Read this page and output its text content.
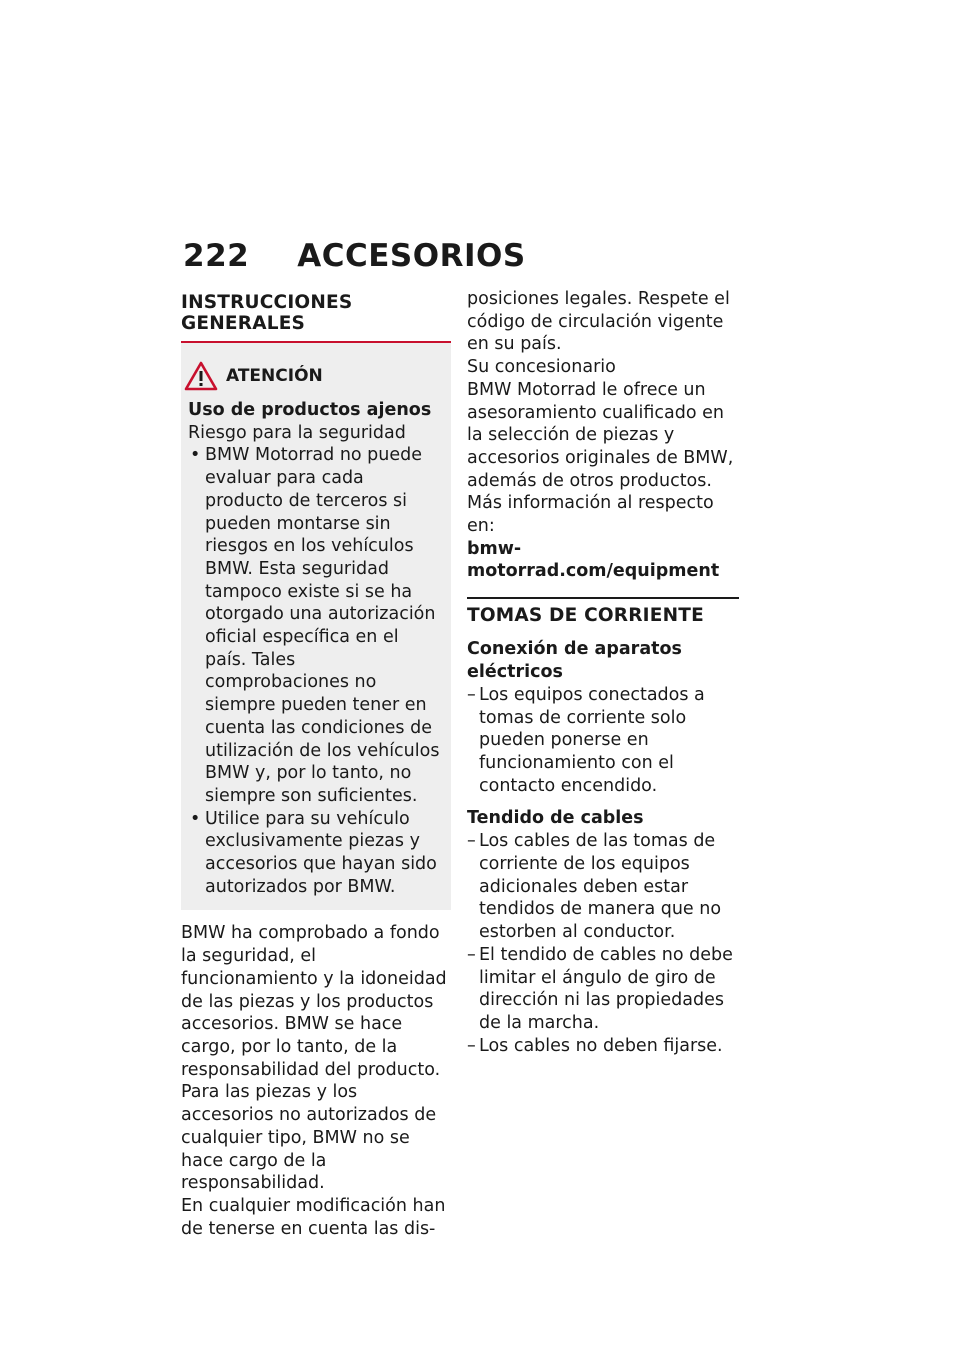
222 ACCESORIOS
INSTRUCCIONES GENERALES
ATENCIÓN
Uso de productos ajenos
Riesgo para la seguridad
• BMW Motorrad no puede evaluar para cada producto de terceros si pueden montarse sin riesgos en los vehículos BMW. Esta seguridad tampoco existe si se ha otorgado una autorización oficial específica en el país. Tales comprobaciones no siempre pueden tener en cuenta las condiciones de utilización de los vehículos BMW y, por lo tanto, no siempre son suficientes.
• Utilice para su vehículo exclusivamente piezas y accesorios que hayan sido autorizados por BMW.

BMW ha comprobado a fondo la seguridad, el funcionamiento y la idoneidad de las piezas y los productos accesorios. BMW se hace cargo, por lo tanto, de la responsabilidad del producto. Para las piezas y los accesorios no autorizados de cualquier tipo, BMW no se hace cargo de la responsabilidad.

En cualquier modificación han de tenerse en cuenta las dis-

posiciones legales. Respete el código de circulación vigente en su país.

Su concesionario

BMW Motorrad le ofrece un asesoramiento cualificado en la selección de piezas y accesorios originales de BMW, además de otros productos. Más información al respecto en:

bmw-motorrad.com/equipment

TOMAS DE CORRIENTE
Conexión de aparatos eléctricos
– Los equipos conectados a tomas de corriente solo pueden ponerse en funcionamiento con el contacto encendido.
Tendido de cables
– Los cables de las tomas de corriente de los equipos adicionales deben estar tendidos de manera que no estorben al conductor.
– El tendido de cables no debe limitar el ángulo de giro de dirección ni las propiedades de la marcha.
– Los cables no deben fijarse.
